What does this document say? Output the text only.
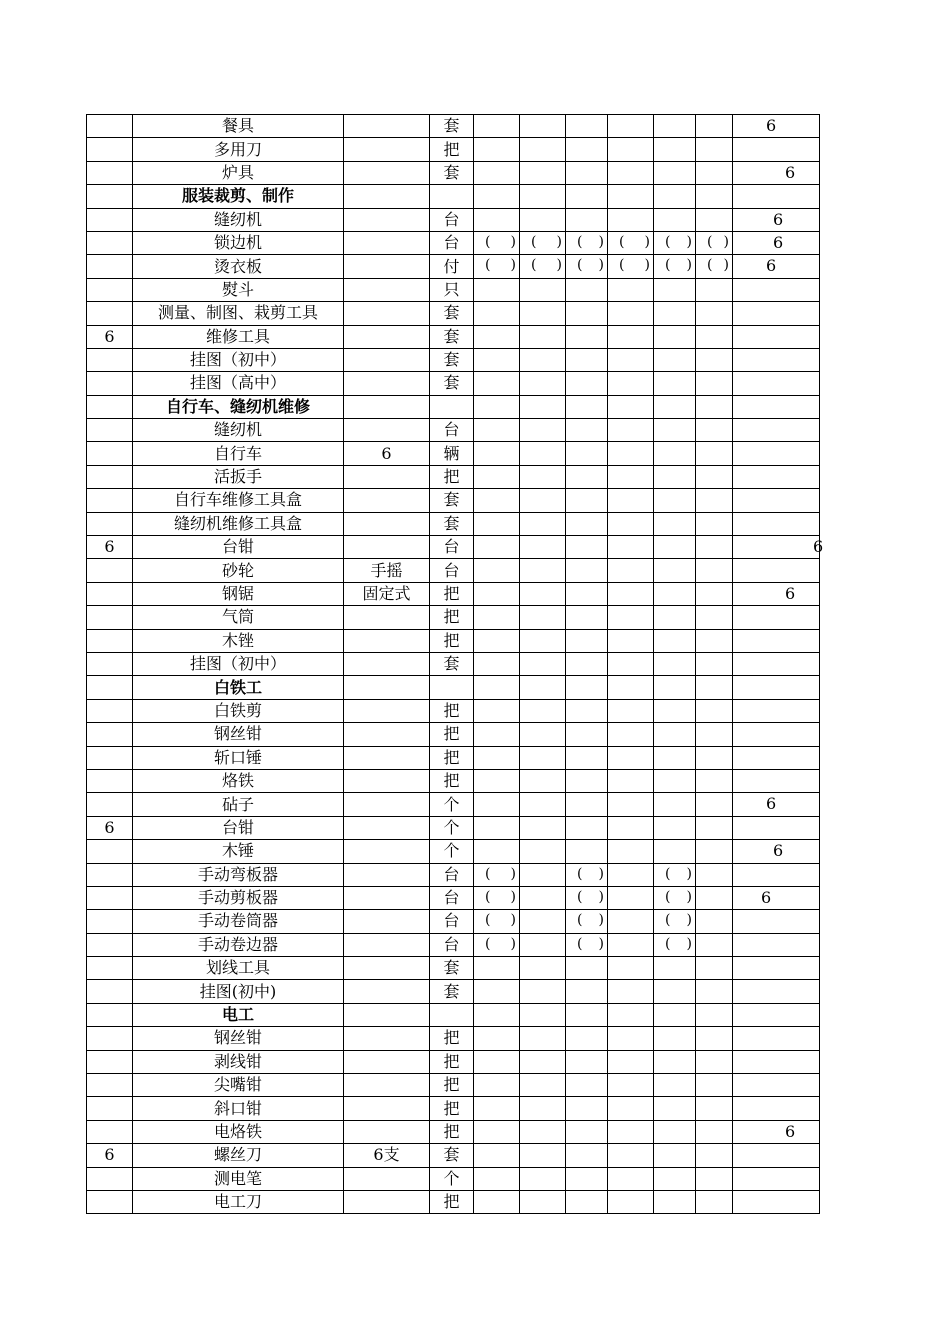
	餐具		套							6

	多用刀		把							
	炉具		套							6

	服装裁剪、制作									
	缝纫机		台							6

	锁边机		台	( )	( )	( )	( )	( )	( )	6

	烫衣板		付	( )	( )	( )	( )	( )	( )	6

	熨斗		只							
	测量、制图、栽剪工具		套							
6	维修工具		套							
	挂图（初中）		套							
	挂图（高中）		套							
	自行车、缝纫机维修									
	缝纫机		台							
	自行车	6	辆							
	活扳手		把							
	自行车维修工具盒		套							
	缝纫机维修工具盒		套							
6	台钳		台							6

	砂轮	手摇	台							
	钢锯	固定式	把							6

	气筒		把							
	木锉		把							
	挂图（初中）		套							
	白铁工									
	白铁剪		把							
	钢丝钳		把							
	斩口锤		把							
	烙铁		把							
	砧子		个							6

6	台钳		个							
	木锤		个							6

	手动弯板器		台	( )		( )		( )		

	手动剪板器		台	( )		( )		( )		6

	手动卷筒器		台	( )		( )		( )		

	手动卷边器		台	( )		( )		( )		

	划线工具		套							
	挂图(初中)		套							
	电工									
	钢丝钳		把							
	剥线钳		把							
	尖嘴钳		把							
	斜口钳		把							
	电烙铁		把							6

6	螺丝刀	6支	套							
	测电笔		个							
	电工刀		把							
